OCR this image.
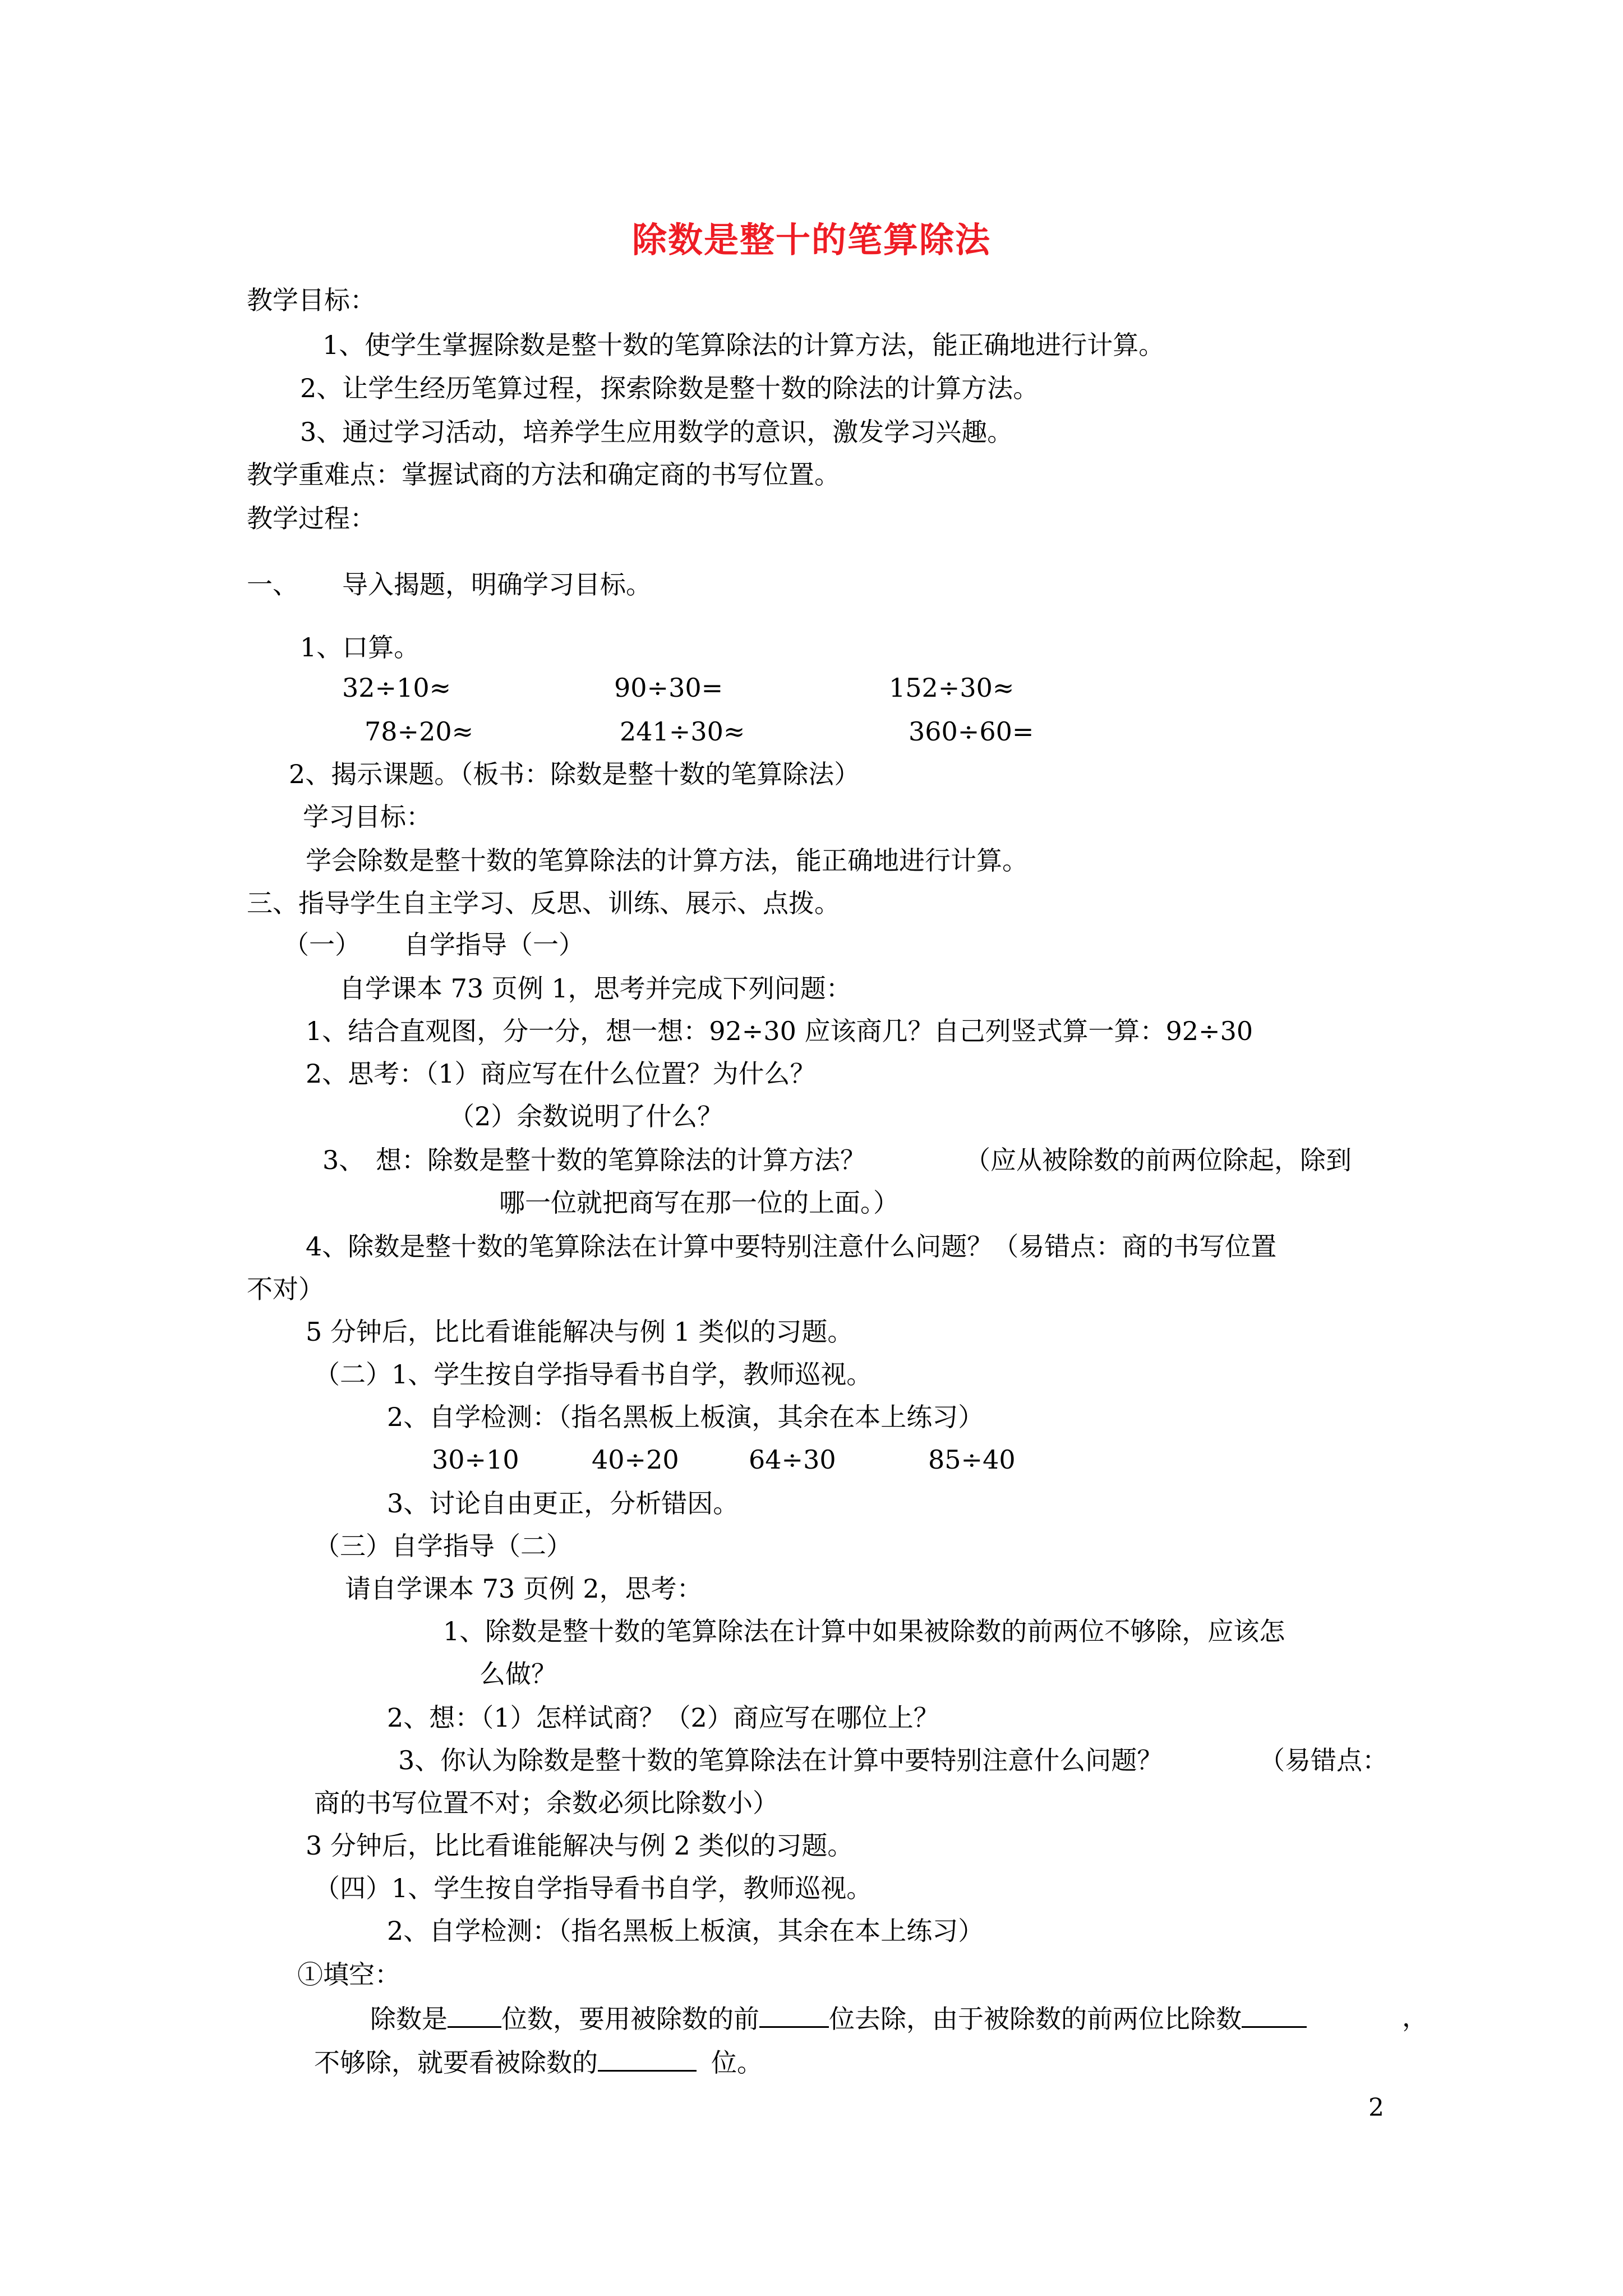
除数是整十的笔算除法
教学目标：
1、使学生掌握除数是整十数的笔算除法的计算方法，能正确地进行计算。
2、让学生经历笔算过程，探索除数是整十数的除法的计算方法。
3、通过学习活动，培养学生应用数学的意识，激发学习兴趣。
教学重难点：掌握试商的方法和确定商的书写位置。
教学过程：
一、 导入揭题，明确学习目标。
1、口算。
32÷10≈	90÷30=	152÷30≈
78÷20≈	241÷30≈	360÷60=
2、揭示课题。（板书：除数是整十数的笔算除法）
学习目标：
学会除数是整十数的笔算除法的计算方法，能正确地进行计算。
三、指导学生自主学习、反思、训练、展示、点拨。
（一） 自学指导（一）
自学课本 73 页例 1，思考并完成下列问题：
1、结合直观图，分一分，想一想：92÷30 应该商几？自己列竖式算一算：92÷30
2、思考：（1）商应写在什么位置？为什么？
（2）余数说明了什么？
3、 想：除数是整十数的笔算除法的计算方法？	（应从被除数的前两位除起，除到
哪一位就把商写在那一位的上面。）
4、除数是整十数的笔算除法在计算中要特别注意什么问题？（易错点：商的书写位置
不对）
5 分钟后，比比看谁能解决与例 1 类似的习题。
（二）1、学生按自学指导看书自学，教师巡视。
2、自学检测：（指名黑板上板演，其余在本上练习）
30÷10	40÷20	64÷30	85÷40
3、讨论自由更正，分析错因。
（三）自学指导（二）
请自学课本 73 页例 2，思考：
1、除数是整十数的笔算除法在计算中如果被除数的前两位不够除，应该怎
么做？
2、想：（1）怎样试商？（2）商应写在哪位上？
3、你认为除数是整十数的笔算除法在计算中要特别注意什么问题？	（易错点：
商的书写位置不对；余数必须比除数小）
3 分钟后，比比看谁能解决与例 2 类似的习题。
（四）1、学生按自学指导看书自学，教师巡视。
2、自学检测：（指名黑板上板演，其余在本上练习）
①填空：
除数是 位数，要用被除数的前	位去除，由于被除数的前两位比除数	，
不够除，就要看被除数的	位。
2
